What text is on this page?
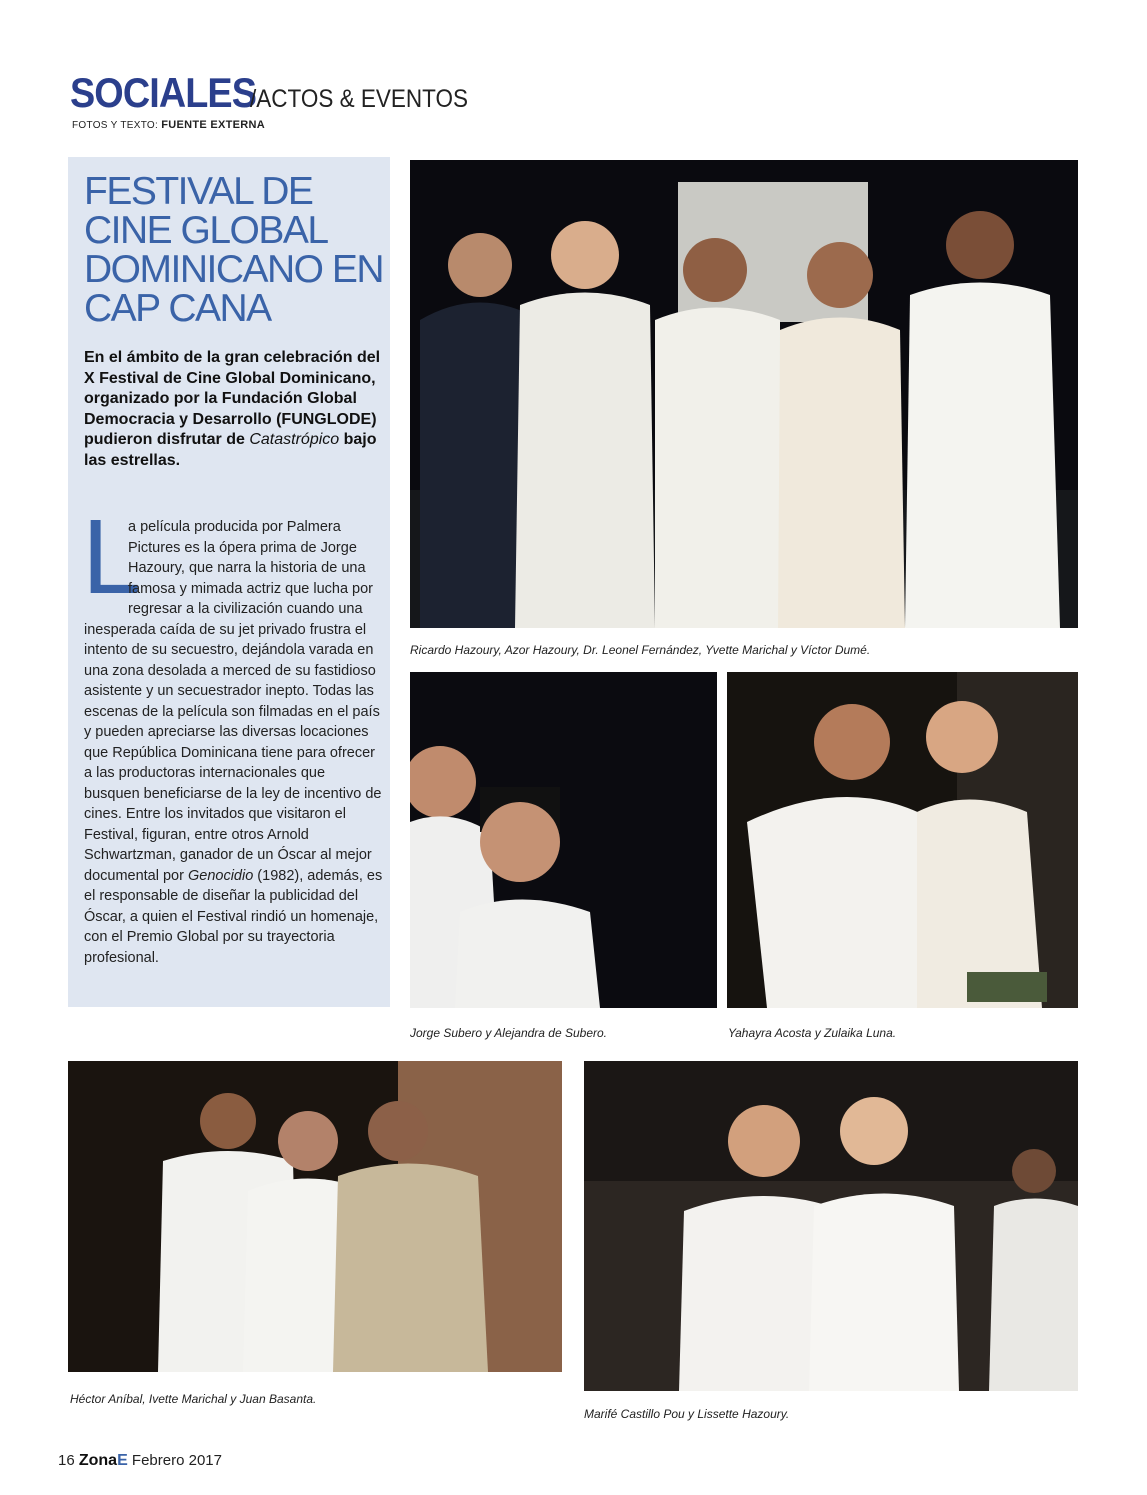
SOCIALES
/ACTOS & EVENTOS
FOTOS Y TEXTO: FUENTE EXTERNA
FESTIVAL DE CINE GLOBAL DOMINICANO EN CAP CANA
En el ámbito de la gran celebración del X Festival de Cine Global Dominicano, organizado por la Fundación Global Democracia y Desarrollo (FUNGLODE) pudieron disfrutar de Catastrópico bajo las estrellas.
L
a película producida por Palmera Pictures es la ópera prima de Jorge Hazoury, que narra la historia de una famosa y mimada actriz que lucha por regresar a la civilización cuando una inesperada caída de su jet privado frustra el intento de su secuestro, dejándola varada en una zona desolada a merced de su fastidioso asistente y un secuestrador inepto. Todas las escenas de la película son filmadas en el país y pueden apreciarse las diversas locaciones que República Dominicana tiene para ofrecer a las productoras internacionales que busquen beneficiarse de la ley de incentivo de cines. Entre los invitados que visitaron el Festival, figuran, entre otros Arnold Schwartzman, ganador de un Óscar al mejor documental por Genocidio (1982), además, es el responsable de diseñar la publicidad del Óscar, a quien el Festival rindió un homenaje, con el Premio Global por su trayectoria profesional.
Ricardo Hazoury, Azor Hazoury, Dr. Leonel Fernández, Yvette Marichal y Víctor Dumé.
Jorge Subero y Alejandra de Subero.	Yahayra Acosta y Zulaika Luna.
Héctor Aníbal, Ivette Marichal y Juan Basanta.
Marifé Castillo Pou y Lissette Hazoury.
16 ZonaE Febrero 2017
